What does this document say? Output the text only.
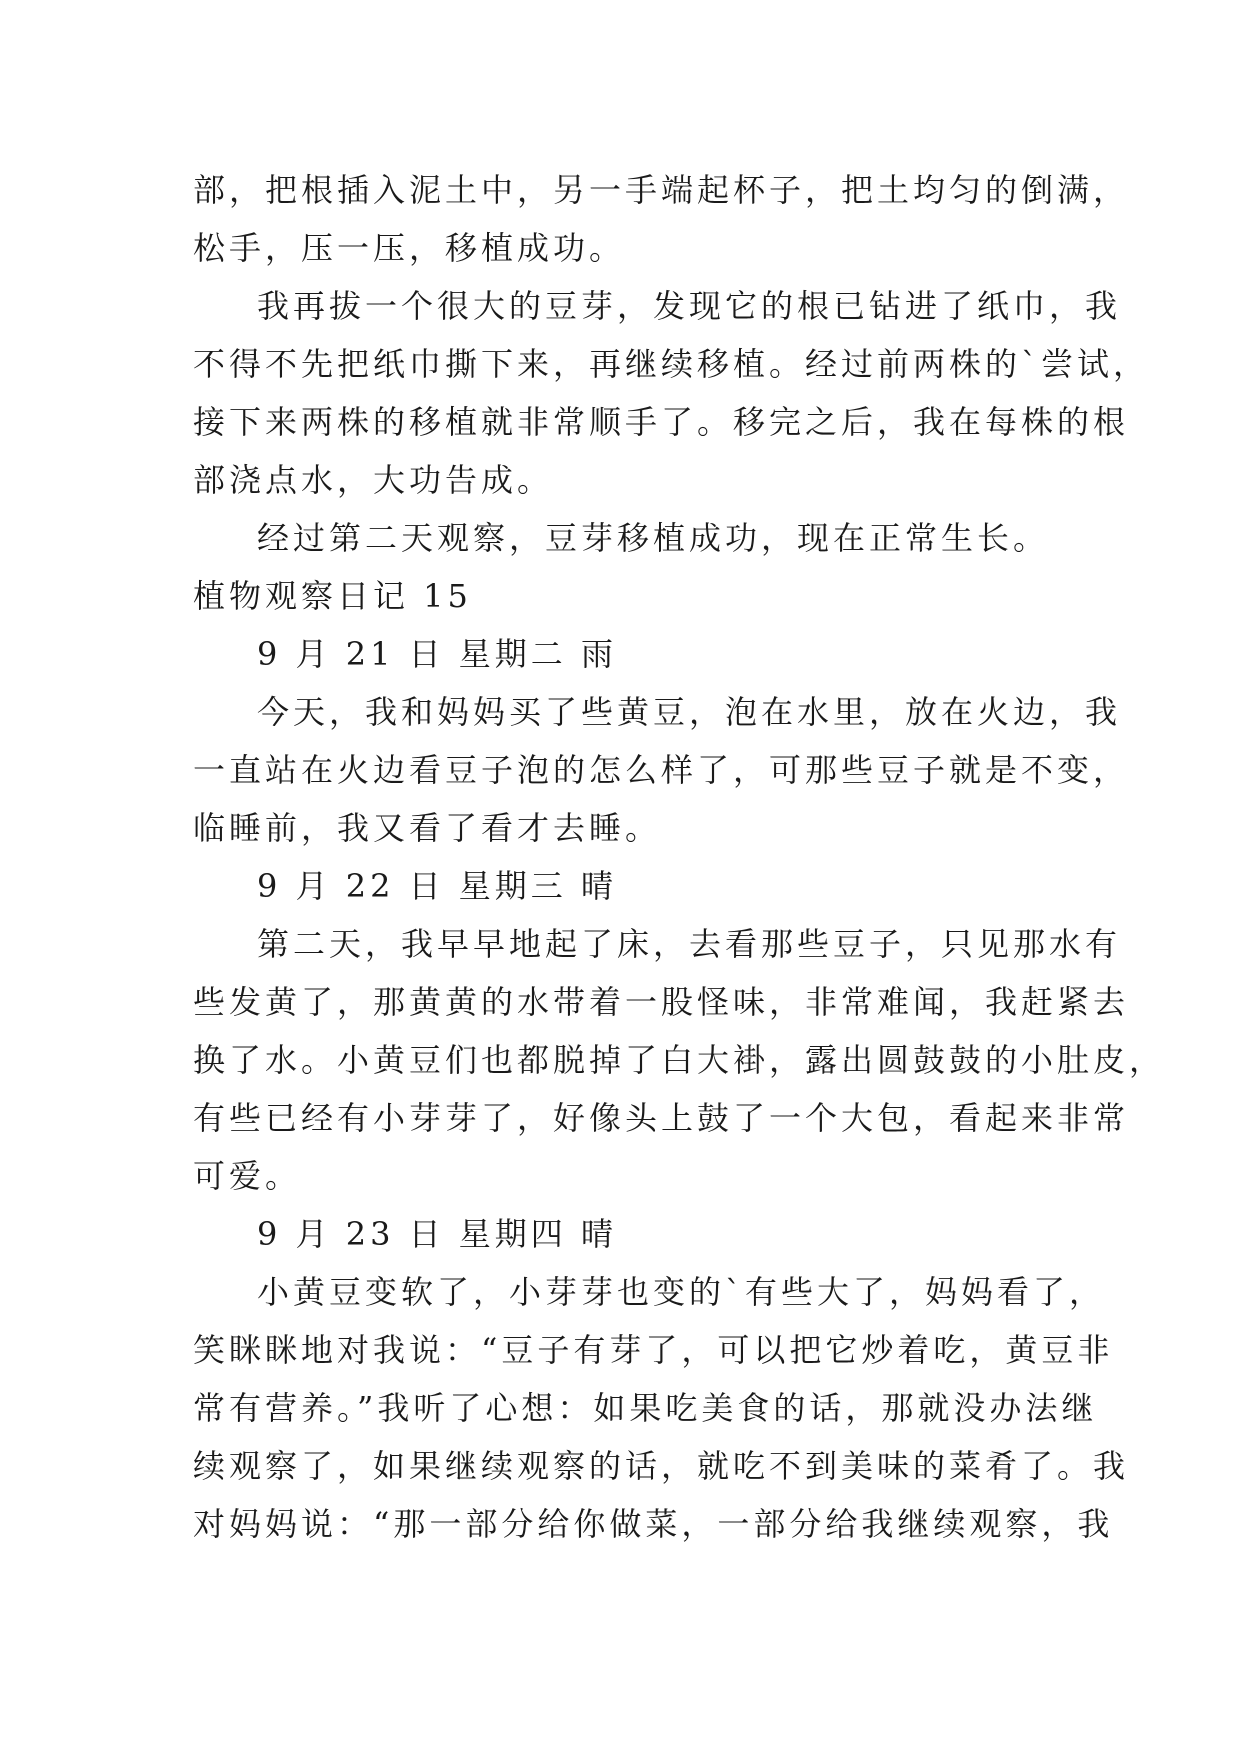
部，把根插入泥土中，另一手端起杯子，把土均匀的倒满，
松手，压一压，移植成功。
我再拔一个很大的豆芽，发现它的根已钻进了纸巾，我
不得不先把纸巾撕下来，再继续移植。经过前两株的`尝试，
接下来两株的移植就非常顺手了。移完之后，我在每株的根
部浇点水，大功告成。
经过第二天观察，豆芽移植成功，现在正常生长。
植物观察日记 15
9 月 21 日 星期二 雨
今天，我和妈妈买了些黄豆，泡在水里，放在火边，我
一直站在火边看豆子泡的怎么样了，可那些豆子就是不变，
临睡前，我又看了看才去睡。
9 月 22 日 星期三 晴
第二天，我早早地起了床，去看那些豆子，只见那水有
些发黄了，那黄黄的水带着一股怪味，非常难闻，我赶紧去
换了水。小黄豆们也都脱掉了白大褂，露出圆鼓鼓的小肚皮，
有些已经有小芽芽了，好像头上鼓了一个大包，看起来非常
可爱。
9 月 23 日 星期四 晴
小黄豆变软了，小芽芽也变的`有些大了，妈妈看了，
笑眯眯地对我说：“豆子有芽了，可以把它炒着吃，黄豆非
常有营养。”我听了心想：如果吃美食的话，那就没办法继
续观察了，如果继续观察的话，就吃不到美味的菜肴了。我
对妈妈说：“那一部分给你做菜，一部分给我继续观察，我
